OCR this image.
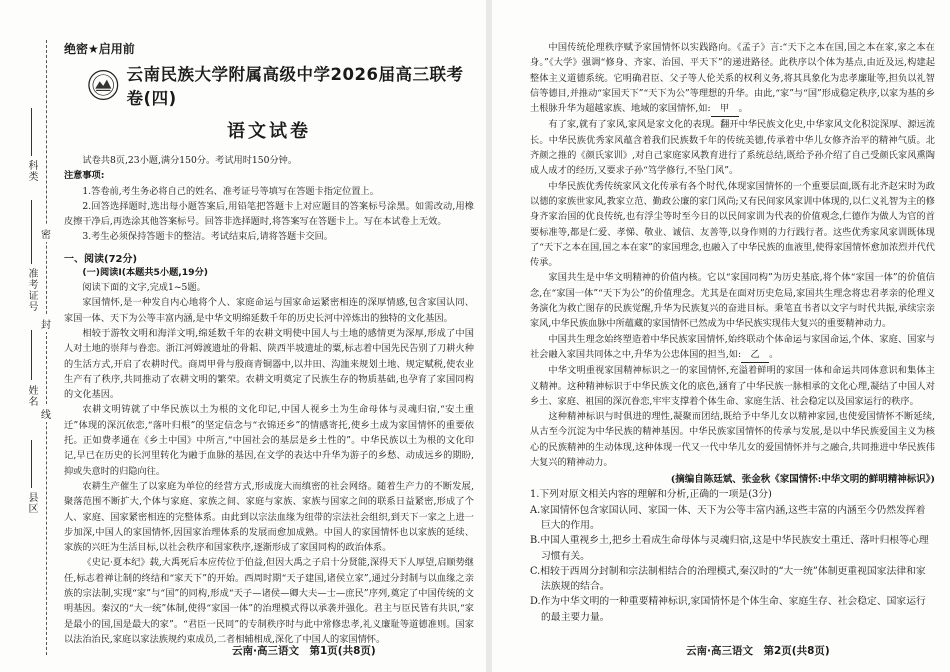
科类
准考证号
姓名
县区
密
封
线
绝密★启用前
云南民族大学附属高级中学2026届高三联考卷(四)
语文试卷

试卷共8页,23小题,满分150分。考试用时150分钟。

注意事项:

1.答卷前,考生务必将自己的姓名、准考证号等填写在答题卡指定位置上。

2.回答选择题时,选出每小题答案后,用铅笔把答题卡上对应题目的答案标号涂黑。如需改动,用橡皮擦干净后,再选涂其他答案标号。回答非选择题时,将答案写在答题卡上。写在本试卷上无效。

3.考生必须保持答题卡的整洁。考试结束后,请将答题卡交回。

一、阅读(72分)

(一)阅读Ⅰ(本题共5小题,19分)

阅读下面的文字,完成1~5题。

家国情怀,是一种发自内心地将个人、家庭命运与国家命运紧密相连的深厚情感,包含家国认同、家国一体、天下为公等丰富内涵,是中华文明绵延数千年的历史长河中淬炼出的独特的文化基因。

相较于游牧文明和海洋文明,绵延数千年的农耕文明使中国人与土地的感情更为深厚,形成了中国人对土地的崇拜与眷恋。浙江河姆渡遗址的骨耜、陕西半坡遗址的粟,标志着中国先民告别了刀耕火种的生活方式,开启了农耕时代。商周甲骨与殷商青铜器中,以井田、沟洫来规划土地、规定赋税,使农业生产有了秩序,共同推动了农耕文明的繁荣。农耕文明奠定了民族生存的物质基础,也孕育了家国同构的文化基因。

农耕文明铸就了中华民族以土为根的文化印记,中国人视乡土为生命母体与灵魂归宿,“安土重迁”体现的深沉依恋,“落叶归根”的坚定信念与“衣锦还乡”的情感寄托,使乡土成为家国情怀的重要依托。正如费孝通在《乡土中国》中所言,“中国社会的基层是乡土性的”。中华民族以土为根的文化印记,早已在历史的长河里转化为融于血脉的基因,在文学的表达中升华为游子的乡愁、动成远乡的期盼,抑或失意时的归隐向往。

农耕生产催生了以家庭为单位的经营方式,形成庞大而缜密的社会网络。随着生产力的不断发展,聚落范围不断扩大,个体与家庭、家族之间、家庭与家族、家族与国家之间的联系日益紧密,形成了个人、家庭、国家紧密相连的完整体系。由此到以宗法血缘为纽带的宗法社会组织,到天下一家之上进一步加深,中国人的家国情怀,因国家治理体系的发展而愈加成熟。中国人的家国情怀也以家族的延续、家族的兴旺为生活目标,以社会秩序和国家秩序,逐渐形成了家国同构的政治体系。

《史记·夏本纪》载,大禹死后本应传位于伯益,但因大禹之子启十分贤能,深得天下人厚望,启顺势继任,标志着禅让制的终结和“家天下”的开始。西周时期“天子建国,诸侯立家”,通过分封制与以血缘之亲族的宗法制,实现“家”与“国”的同构,形成“天子—诸侯—卿大夫—士—庶民”序列,奠定了中国传统的文明基因。秦汉的“大一统”体制,使得“家国一体”的治理模式得以承袭并强化。君主与臣民皆有共识,“家是最小的国,国是最大的家”。“君臣一民同”的专制秩序时与此中常修忠孝,礼义廉耻等道德准则。国家以法治治民,家庭以家法族规约束成员,二者相辅相成,深化了中国人的家国情怀。

云南·高三语文　第1页(共8页)

中国传统伦理秩序赋予家国情怀以实践路向。《孟子》言:“天下之本在国,国之本在家,家之本在身。”《大学》强调“修身、齐家、治国、平天下”的递进路径。此秩序以个体为基点,由近及远,构建起整体主义道德系统。它明确君臣、父子等人伦关系的权利义务,将其具象化为忠孝廉耻等,担负以礼智信等德目,并推动“家国天下”“天下为公”等理想的升华。由此,“家”与“国”形成稳定秩序,以家为基的乡土根脉升华为超越家族、地域的家国情怀,如: 甲 。

有了家,就有了家风,家风是家文化的表现。翻开中华民族文化史,中华家风文化积淀深厚、源远流长。中华民族优秀家风蕴含着我们民族数千年的传统美德,传承着中华儿女修齐治平的精神气质。北齐颜之推的《颜氏家训》,对自己家庭家风教育进行了系统总结,既给予孙介绍了自己受颜氏家风熏陶成人成才的经历,又要求子孙“笃学修行,不坠门风”。

中华民族优秀传统家风文化传承有各个时代,体现家国情怀的一个重要层面,既有北齐赵宋时为政以德的家族世家风,教家立范、勤政公廉的家门风尚;又有民间家风家训中体现的,以仁义礼智为主的修身齐家治国的优良传统,也有浮尘等时至今日的以民间家训为代表的价值观念,仁德作为做人为官的首要标准等,都是仁爱、孝悌、敬业、诚信、友善等,以身作则的力行践行者。这些优秀家风家训既体现了“天下之本在国,国之本在家”的家国理念,也融入了中华民族的血液里,使得家国情怀愈加浓烈并代代传承。

家国共生是中华文明精神的价值内核。它以“家国同构”为历史基底,将个体“家国一体”的价值信念,在“家国一体”“天下为公”的价值理念。尤其是在面对历史危局,家国共生理念将忠君孝亲的伦理义务演化为救亡图存的民族觉醒,升华为民族复兴的奋进目标。秉笔直书者以文字与时代共振,承续宗亲家风,中华民族血脉中所蕴藏的家国情怀已然成为中华民族实现伟大复兴的重要精神动力。

中国共生理念始终塑造着中华民族家国情怀,始终联动个体命运与家国命运,个体、家庭、国家与社会融入家国共同体之中,升华为公忠体国的担当,如: 乙 。

中华文明重视家国精神标识之一的家国情怀,充溢着鲜明的家国一体和命运共同体意识和集体主义精神。这种精神标识于中华民族文化的底色,涵育了中华民族一脉相承的文化心理,凝结了中国人对乡土、家庭、祖国的深沉眷恋,牢牢支撑着个体生命、家庭生活、社会稳定以及国家运行的秩序。

这种精神标识与时俱进的理性,凝聚而团结,既给予中华儿女以精神家园,也使爱国情怀不断延续,从古至今沉淀为中华民族的精神基因。中华民族家国情怀的传承与发展,是以中华民族爱国主义为核心的民族精神的生动体现,这种体现一代又一代中华儿女的爱国情怀并与之融合,共同推进中华民族伟大复兴的精神动力。

(摘编自陈廷斌、张金秋《家国情怀:中华文明的鲜明精神标识》)

1.下列对原文相关内容的理解和分析,正确的一项是(3分)

A.家国情怀包含家国认同、家国一体、天下为公等丰富内涵,这些丰富的内涵至今仍然发挥着巨大的作用。

B.中国人重视乡土,把乡土看成生命母体与灵魂归宿,这是中华民族安土重迁、落叶归根等心理习惯有关。

C.相较于西周分封制和宗法制相结合的治理模式,秦汉时的“大一统”体制更重视国家法律和家法族规的结合。

D.作为中华文明的一种重要精神标识,家国情怀是个体生命、家庭生存、社会稳定、国家运行的最主要力量。

云南·高三语文　第2页(共8页)
